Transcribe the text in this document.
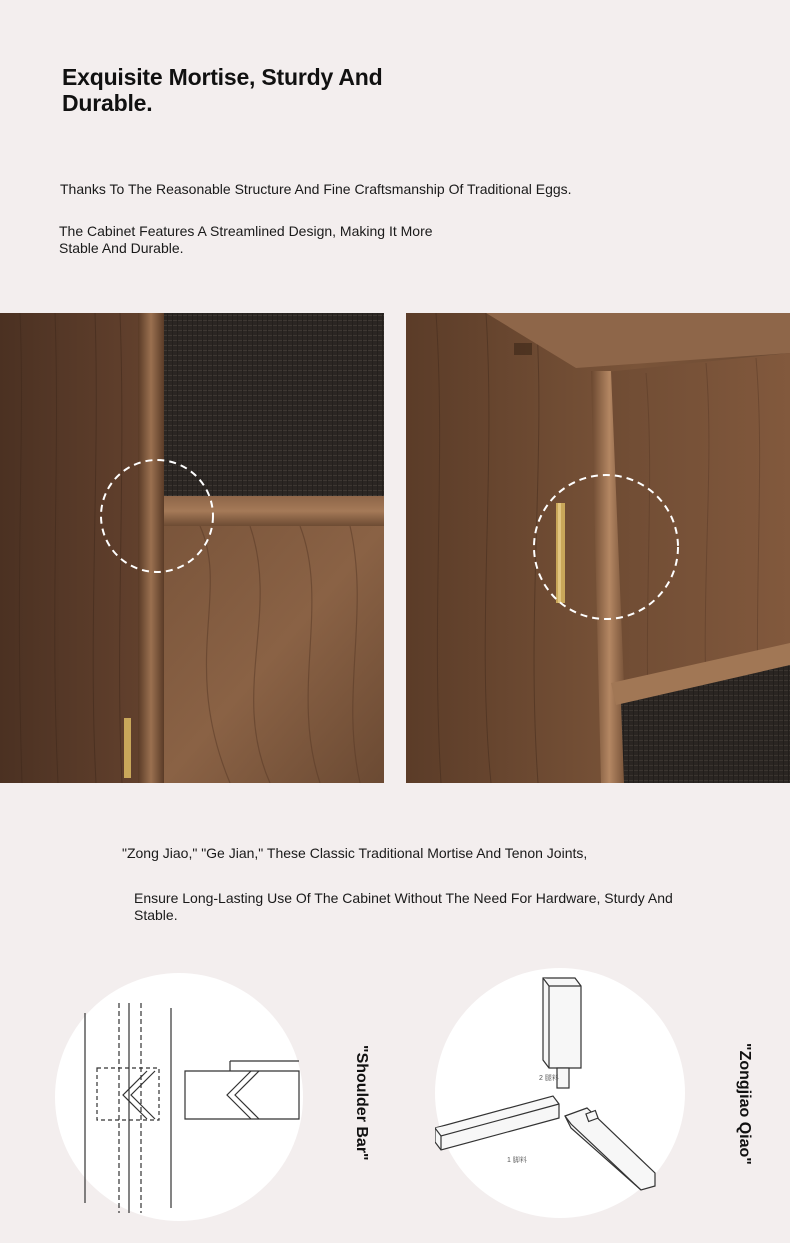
Exquisite Mortise, Sturdy And Durable.
Thanks To The Reasonable Structure And Fine Craftsmanship Of Traditional Eggs.
The Cabinet Features A Streamlined Design, Making It More Stable And Durable.
"Zong Jiao," "Ge Jian," These Classic Traditional Mortise And Tenon Joints,
Ensure Long-Lasting Use Of The Cabinet Without The Need For Hardware, Sturdy And Stable.
"Shoulder Bar"	2 腿料
1 脚料	"Zongjiao Qiao"
